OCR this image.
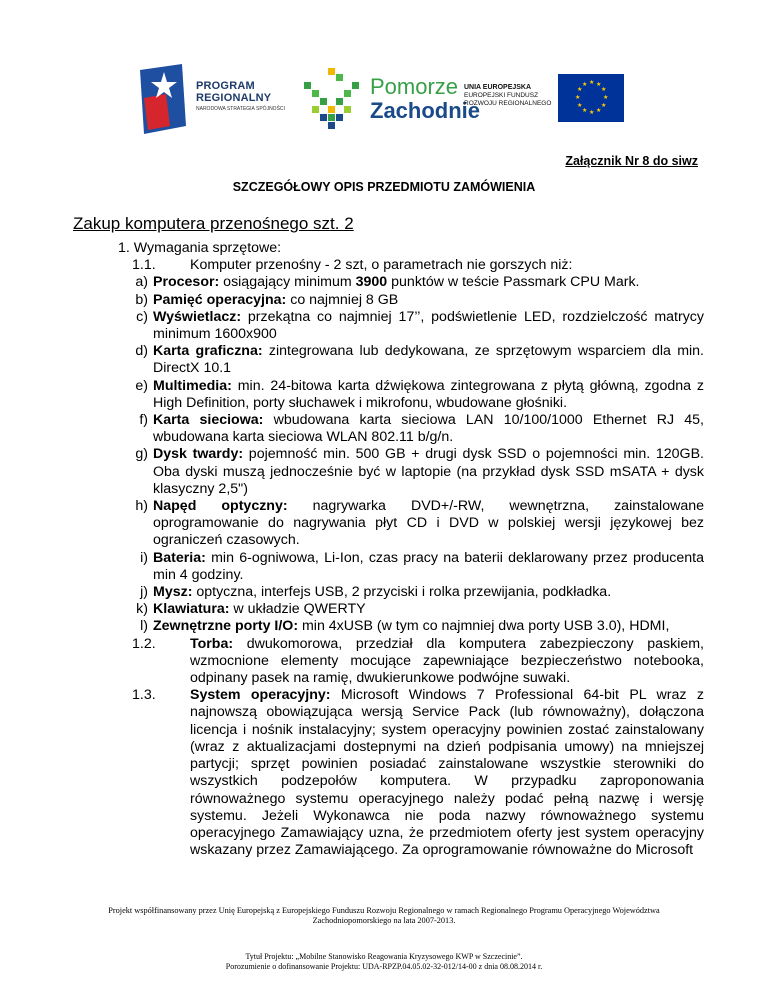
PROGRAM
REGIONALNY
NARODOWA STRATEGIA SPÓJNOŚCI
Pomorze
Zachodnie
UNIA EUROPEJSKA
EUROPEJSKI FUNDUSZ
ROZWOJU REGIONALNEGO
★ ★
★
★
★
★
★
★
★
★
★
★
Załącznik Nr 8 do siwz
SZCZEGÓŁOWY OPIS PRZEDMIOTU ZAMÓWIENIA
Zakup komputera przenośnego szt. 2
1. Wymagania sprzętowe:
1.1.	Komputer przenośny - 2 szt, o parametrach nie gorszych niż:
a) Procesor: osiągający minimum 3900 punktów w teście Passmark CPU Mark.
b) Pamięć operacyjna: co najmniej 8 GB
c) Wyświetlacz: przekątna co najmniej 17’’, podświetlenie LED, rozdzielczość matrycy minimum 1600x900
d) Karta graficzna: zintegrowana lub dedykowana, ze sprzętowym wsparciem dla min. DirectX 10.1
e) Multimedia: min. 24-bitowa karta dźwiękowa zintegrowana z płytą główną, zgodna z High Definition, porty słuchawek i mikrofonu, wbudowane głośniki.
f) Karta sieciowa: wbudowana karta sieciowa LAN 10/100/1000 Ethernet RJ 45, wbudowana karta sieciowa WLAN 802.11 b/g/n.
g) Dysk twardy: pojemność min. 500 GB + drugi dysk SSD o pojemności min. 120GB. Oba dyski muszą jednocześnie być w laptopie (na przykład dysk SSD mSATA + dysk klasyczny 2,5")
h) Napęd optyczny: nagrywarka DVD+/-RW, wewnętrzna, zainstalowane oprogramowanie do nagrywania płyt CD i DVD w polskiej wersji językowej bez ograniczeń czasowych.
i) Bateria: min 6-ogniwowa, Li-Ion, czas pracy na baterii deklarowany przez producenta min 4 godziny.
j) Mysz: optyczna, interfejs USB, 2 przyciski i rolka przewijania, podkładka.
k) Klawiatura: w układzie QWERTY
l) Zewnętrzne porty I/O: min 4xUSB (w tym co najmniej dwa porty USB 3.0), HDMI,
1.2.	Torba: dwukomorowa, przedział dla komputera zabezpieczony paskiem, wzmocnione elementy mocujące zapewniające bezpieczeństwo notebooka, odpinany pasek na ramię, dwukierunkowe podwójne suwaki.
1.3.	System operacyjny: Microsoft Windows 7 Professional 64-bit PL wraz z najnowszą obowiązująca wersją Service Pack (lub równoważny), dołączona licencja i nośnik instalacyjny; system operacyjny powinien zostać zainstalowany (wraz z aktualizacjami dostepnymi na dzień podpisania umowy) na mniejszej partycji; sprzęt powinien posiadać zainstalowane wszystkie sterowniki do wszystkich podzepołów komputera. W przypadku zaproponowania równoważnego systemu operacyjnego należy podać pełną nazwę i wersję systemu. Jeżeli Wykonawca nie poda nazwy równoważnego systemu operacyjnego Zamawiający uzna, że przedmiotem oferty jest system operacyjny wskazany przez Zamawiającego. Za oprogramowanie równoważne do Microsoft
Projekt współfinansowany przez Unię Europejską z Europejskiego Funduszu Rozwoju Regionalnego w ramach Regionalnego Programu Operacyjnego Województwa
Zachodniopomorskiego na lata 2007-2013.
Tytuł Projektu: „Mobilne Stanowisko Reagowania Kryzysowego KWP w Szczecinie”.
Porozumienie o dofinansowanie Projektu: UDA-RPZP.04.05.02-32-012/14-00 z dnia 08.08.2014 r.
